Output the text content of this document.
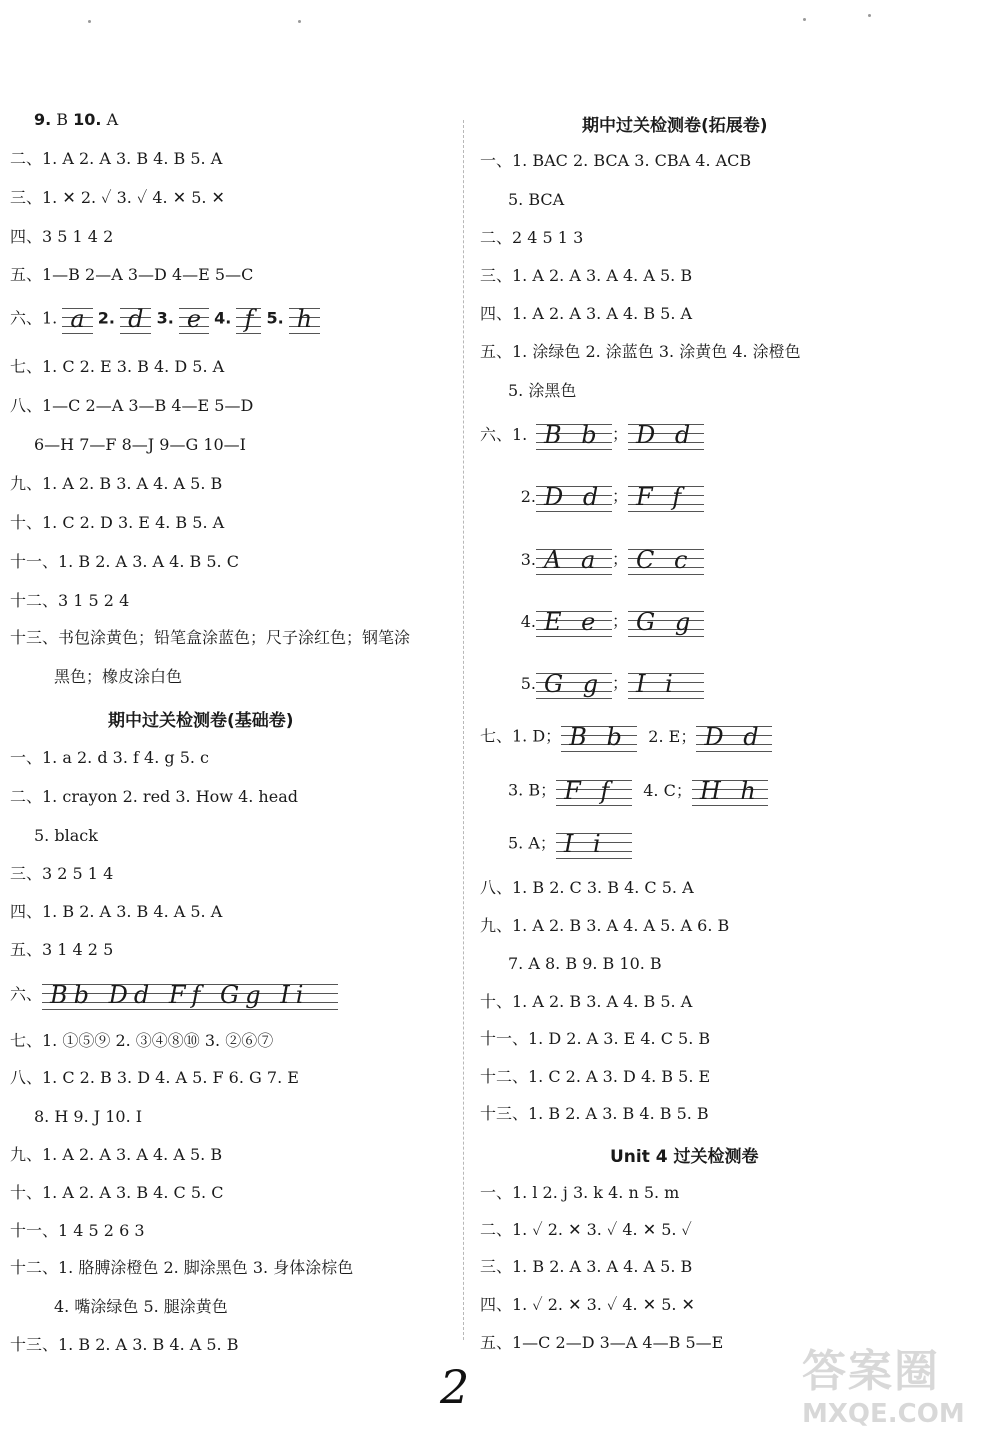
9. B 10. A
二、1. A 2. A 3. B 4. B 5. A
三、1. ✕ 2. ✓ 3. ✓ 4. ✕ 5. ✕
四、3 5 1 4 2
五、1—B 2—A 3—D 4—E 5—C
六、1. a 2. d 3. e 4. f 5. h
七、1. C 2. E 3. B 4. D 5. A
八、1—C 2—A 3—B 4—E 5—D
6—H 7—F 8—J 9—G 10—I
九、1. A 2. B 3. A 4. A 5. B
十、1. C 2. D 3. E 4. B 5. A
十一、1. B 2. A 3. A 4. B 5. C
十二、3 1 5 2 4
十三、书包涂黄色；铅笔盒涂蓝色；尺子涂红色；钢笔涂
黑色；橡皮涂白色
期中过关检测卷(基础卷)
一、1. a 2. d 3. f 4. g 5. c
二、1. crayon 2. red 3. How 4. head
5. black
三、3 2 5 1 4
四、1. B 2. A 3. B 4. A 5. A
五、3 1 4 2 5
六、 Bb Dd Ff Gg Ii
七、1. ①⑤⑨ 2. ③④⑧⑩ 3. ②⑥⑦
八、1. C 2. B 3. D 4. A 5. F 6. G 7. E
8. H 9. J 10. I
九、1. A 2. A 3. A 4. A 5. B
十、1. A 2. A 3. B 4. C 5. C
十一、1 4 5 2 6 3
十二、1. 胳膊涂橙色 2. 脚涂黑色 3. 身体涂棕色
4. 嘴涂绿色 5. 腿涂黄色
十三、1. B 2. A 3. B 4. A 5. B
期中过关检测卷(拓展卷)
一、1. BAC 2. BCA 3. CBA 4. ACB
5. BCA
二、2 4 5 1 3
三、1. A 2. A 3. A 4. A 5. B
四、1. A 2. A 3. A 4. B 5. A
五、1. 涂绿色 2. 涂蓝色 3. 涂黄色 4. 涂橙色
5. 涂黑色
六、1. B b ； D d
2. D d ； F f
3. A a ； C c
4. E e ； G g
5. G g ； I i
七、1. D； B b 2. E； D d
3. B； F f 4. C； H h
5. A； I i
八、1. B 2. C 3. B 4. C 5. A
九、1. A 2. B 3. A 4. A 5. A 6. B
7. A 8. B 9. B 10. B
十、1. A 2. B 3. A 4. B 5. A
十一、1. D 2. A 3. E 4. C 5. B
十二、1. C 2. A 3. D 4. B 5. E
十三、1. B 2. A 3. B 4. B 5. B
Unit 4 过关检测卷
一、1. l 2. j 3. k 4. n 5. m
二、1. ✓ 2. ✕ 3. ✓ 4. ✕ 5. ✓
三、1. B 2. A 3. A 4. A 5. B
四、1. ✓ 2. ✕ 3. ✓ 4. ✕ 5. ✕
五、1—C 2—D 3—A 4—B 5—E
2	答案圈
MXQE.COM
